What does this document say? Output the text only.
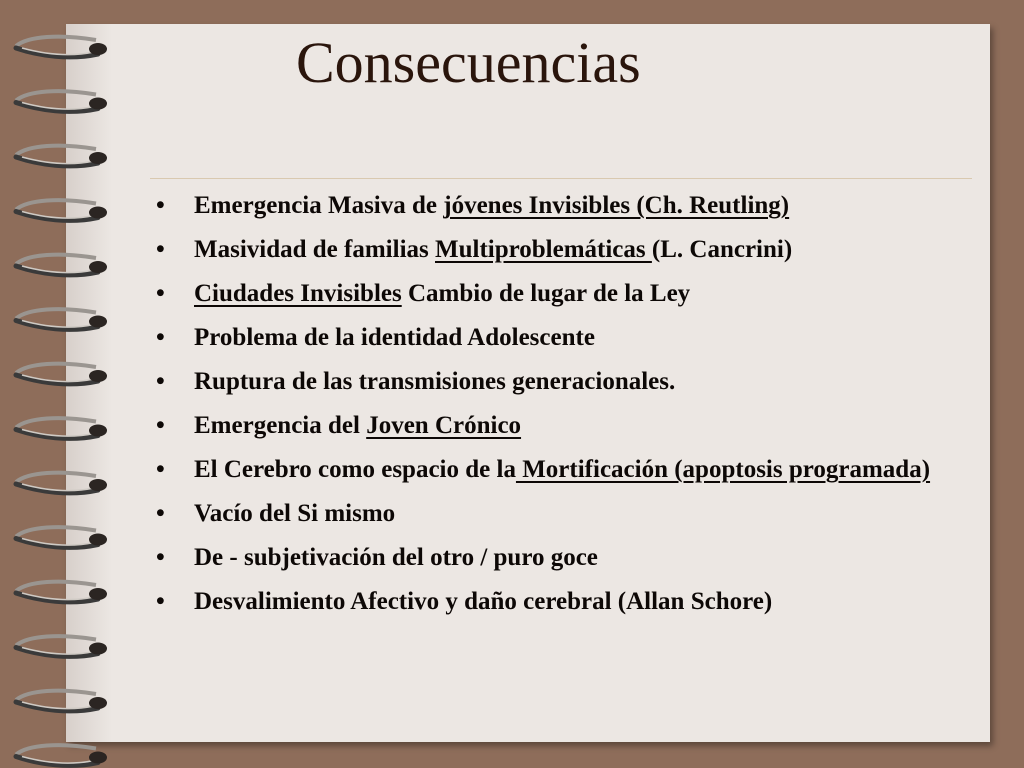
Consecuencias
• Emergencia Masiva de jóvenes Invisibles (Ch. Reutling)
• Masividad de familias Multiproblemáticas (L. Cancrini)
• Ciudades Invisibles Cambio de lugar de la Ley
• Problema de la identidad Adolescente
• Ruptura de las transmisiones generacionales.
• Emergencia del Joven Crónico
• El Cerebro como espacio de la Mortificación (apoptosis programada)
• Vacío del Si mismo
• De - subjetivación del otro / puro goce
• Desvalimiento Afectivo y daño cerebral (Allan Schore)
